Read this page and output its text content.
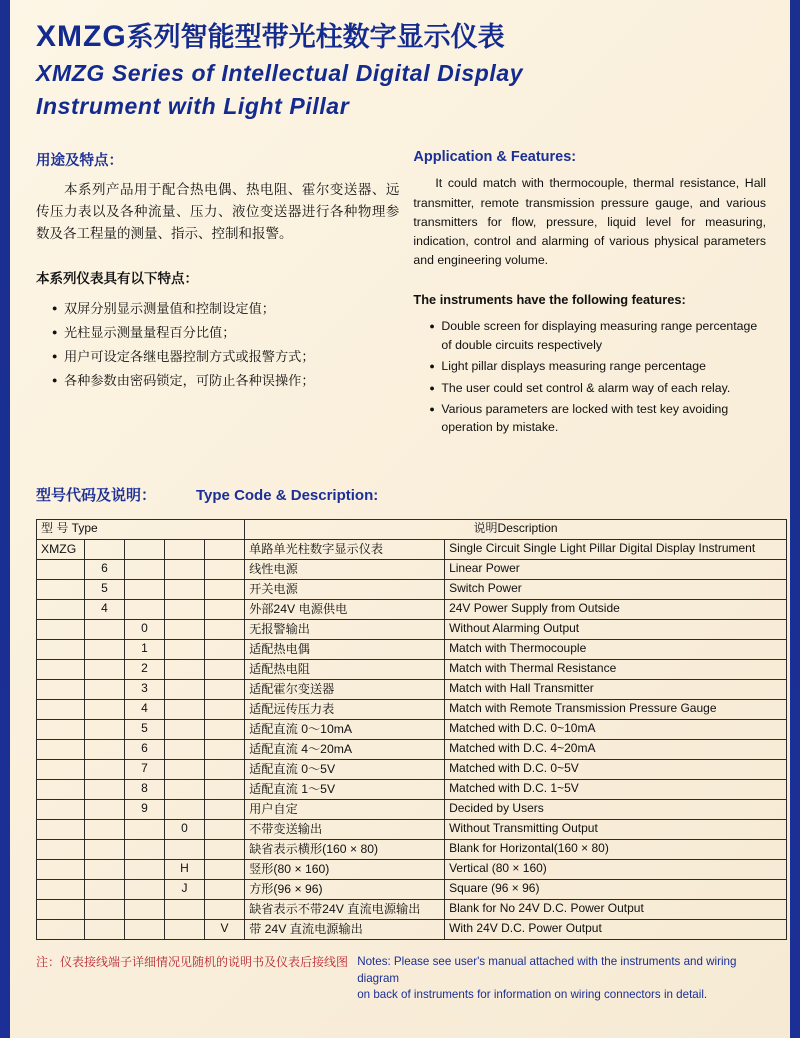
XMZG系列智能型带光柱数字显示仪表
XMZG Series of Intellectual Digital Display
Instrument with Light Pillar
用途及特点：

本系列产品用于配合热电偶、热电阻、霍尔变送器、远传压力表以及各种流量、压力、液位变送器进行各种物理参数及各工程量的测量、指示、控制和报警。

本系列仪表具有以下特点：
● 双屏分别显示测量值和控制设定值；
● 光柱显示测量量程百分比值；
● 用户可设定各继电器控制方式或报警方式；
● 各种参数由密码锁定，可防止各种误操作；
Application & Features:

It could match with thermocouple, thermal resistance, Hall transmitter, remote transmission pressure gauge, and various transmitters for flow, pressure, liquid level for measuring, indication, control and alarming of various physical parameters and engineering volume.

The instruments have the following features:
● Double screen for displaying measuring range percentage of double circuits respectively
● Light pillar displays measuring range percentage
● The user could set control & alarm way of each relay.
● Various parameters are locked with test key avoiding operation by mistake.
型号代码及说明：	Type Code & Description:
型 号 Type					说明Description	
XMZG					单路单光柱数字显示仪表	Single Circuit Single Light Pillar Digital Display Instrument
	6				线性电源	Linear Power
	5				开关电源	Switch Power
	4				外部24V 电源供电	24V Power Supply from Outside
		0			无报警输出	Without Alarming Output
		1			适配热电偶	Match with Thermocouple
		2			适配热电阻	Match with Thermal Resistance
		3			适配霍尔变送器	Match with Hall Transmitter
		4			适配远传压力表	Match with Remote Transmission Pressure Gauge
		5			适配直流 0～10mA	Matched with D.C. 0~10mA
		6			适配直流 4～20mA	Matched with D.C. 4~20mA
		7			适配直流 0～5V	Matched with D.C. 0~5V
		8			适配直流 1～5V	Matched with D.C. 1~5V
		9			用户自定	Decided by Users
			0		不带变送输出	Without Transmitting Output
					缺省表示横形(160 × 80)	Blank for Horizontal(160 × 80)
			H		竖形(80 × 160)	Vertical (80 × 160)
			J		方形(96 × 96)	Square (96 × 96)
					缺省表示不带24V 直流电源输出	Blank for No 24V D.C. Power Output
				V	带 24V 直流电源输出	With 24V D.C. Power Output
注：仪表接线端子详细情况见随机的说明书及仪表后接线图 Notes: Please see user's manual attached with the instruments and wiring diagram
on back of instruments for information on wiring connectors in detail.
